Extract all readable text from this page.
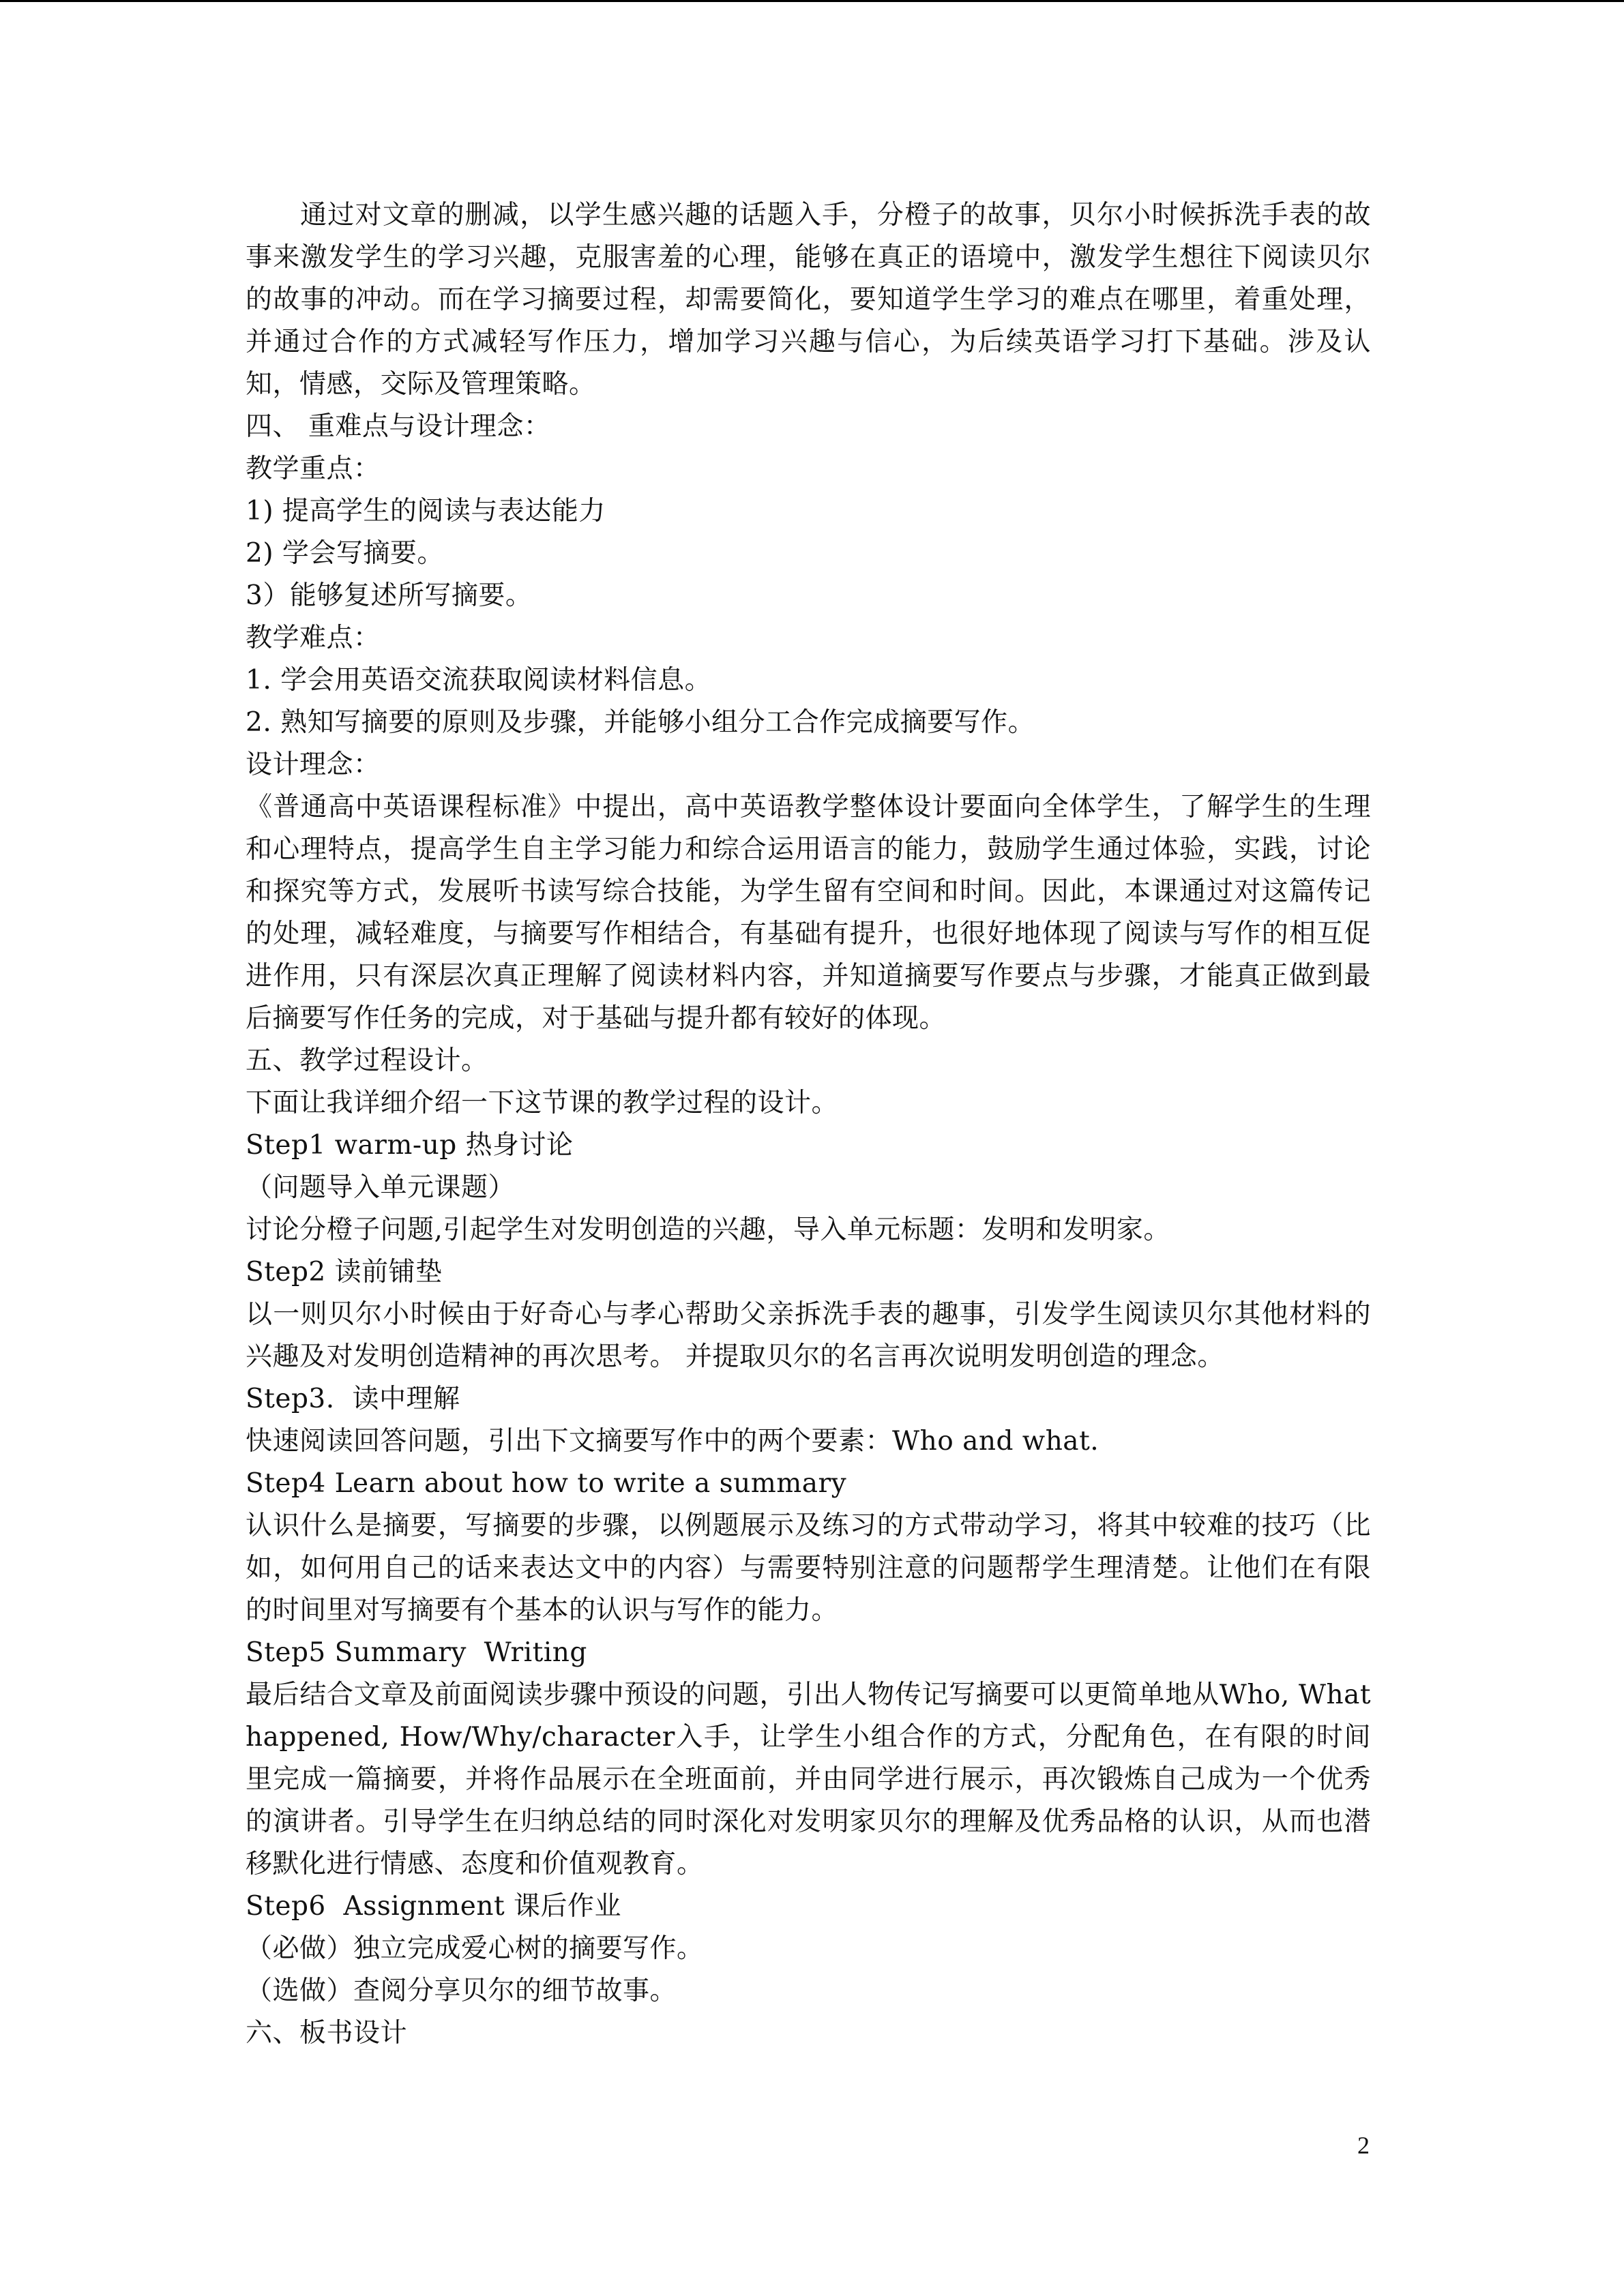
通过对文章的删减，以学生感兴趣的话题入手，分橙子的故事，贝尔小时候拆洗手表的故事来激发学生的学习兴趣，克服害羞的心理，能够在真正的语境中，激发学生想往下阅读贝尔的故事的冲动。而在学习摘要过程，却需要简化，要知道学生学习的难点在哪里，着重处理，并通过合作的方式减轻写作压力，增加学习兴趣与信心，为后续英语学习打下基础。涉及认知，情感，交际及管理策略。

四、 重难点与设计理念：

教学重点：

1) 提高学生的阅读与表达能力

2) 学会写摘要。

3）能够复述所写摘要。

教学难点：

1. 学会用英语交流获取阅读材料信息。

2. 熟知写摘要的原则及步骤，并能够小组分工合作完成摘要写作。

设计理念：

《普通高中英语课程标准》中提出，高中英语教学整体设计要面向全体学生，了解学生的生理和心理特点，提高学生自主学习能力和综合运用语言的能力，鼓励学生通过体验，实践，讨论和探究等方式，发展听书读写综合技能，为学生留有空间和时间。因此，本课通过对这篇传记的处理，减轻难度，与摘要写作相结合，有基础有提升，也很好地体现了阅读与写作的相互促进作用，只有深层次真正理解了阅读材料内容，并知道摘要写作要点与步骤，才能真正做到最后摘要写作任务的完成，对于基础与提升都有较好的体现。

五、教学过程设计。

下面让我详细介绍一下这节课的教学过程的设计。

Step1 warm-up 热身讨论

（问题导入单元课题）

讨论分橙子问题,引起学生对发明创造的兴趣，导入单元标题：发明和发明家。

Step2 读前铺垫

以一则贝尔小时候由于好奇心与孝心帮助父亲拆洗手表的趣事，引发学生阅读贝尔其他材料的兴趣及对发明创造精神的再次思考。 并提取贝尔的名言再次说明发明创造的理念。

Step3.  读中理解

快速阅读回答问题，引出下文摘要写作中的两个要素：Who and what.

Step4 Learn about how to write a summary

认识什么是摘要，写摘要的步骤，以例题展示及练习的方式带动学习，将其中较难的技巧（比如，如何用自己的话来表达文中的内容）与需要特别注意的问题帮学生理清楚。让他们在有限的时间里对写摘要有个基本的认识与写作的能力。

Step5 Summary  Writing

最后结合文章及前面阅读步骤中预设的问题，引出人物传记写摘要可以更简单地从Who, What happened, How/Why/character入手，让学生小组合作的方式，分配角色，在有限的时间里完成一篇摘要，并将作品展示在全班面前，并由同学进行展示，再次锻炼自己成为一个优秀的演讲者。引导学生在归纳总结的同时深化对发明家贝尔的理解及优秀品格的认识，从而也潜移默化进行情感、态度和价值观教育。

Step6  Assignment 课后作业

（必做）独立完成爱心树的摘要写作。

（选做）查阅分享贝尔的细节故事。

六、板书设计

2
